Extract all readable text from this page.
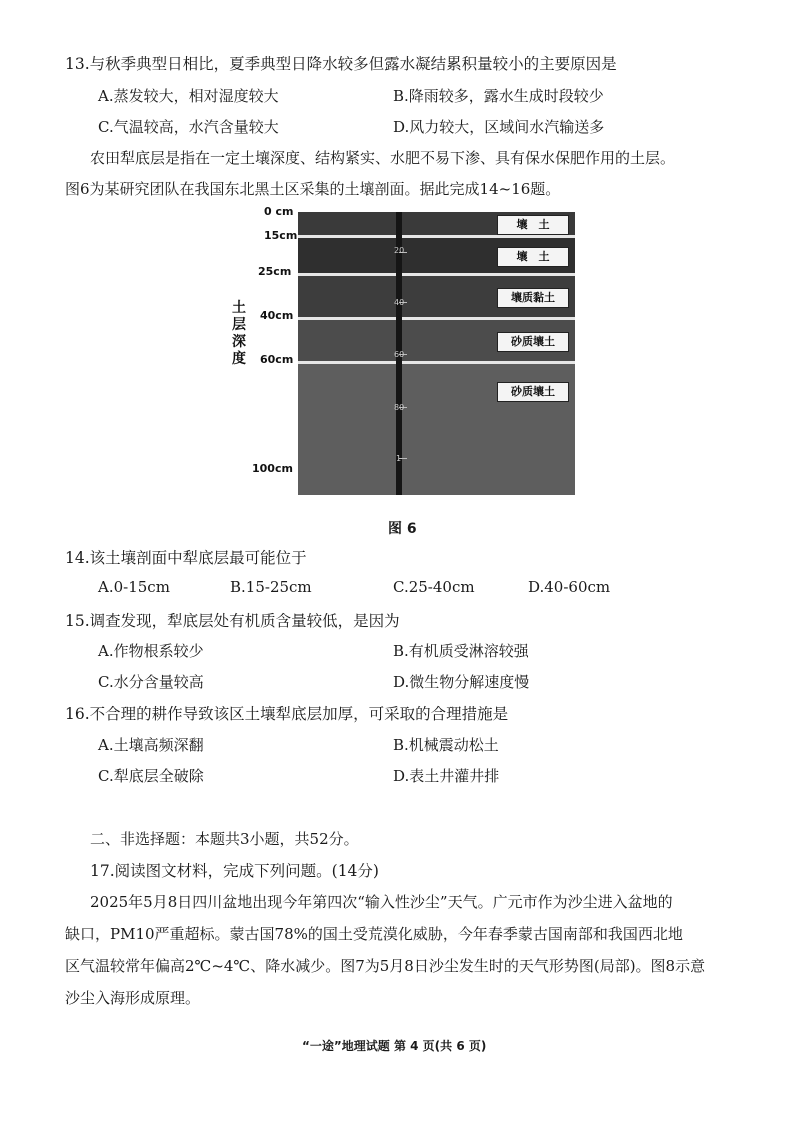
13.与秋季典型日相比，夏季典型日降水较多但露水凝结累积量较小的主要原因是
A.蒸发较大，相对湿度较大	B.降雨较多，露水生成时段较少
C.气温较高，水汽含量较大	D.风力较大，区域间水汽输送多
农田犁底层是指在一定土壤深度、结构紧实、水肥不易下渗、具有保水保肥作用的土层。
图6为某研究团队在我国东北黑土区采集的土壤剖面。据此完成14~16题。
土层深度
0 cm
15cm
25cm
40cm
60cm
100cm
20
40
60
80
1
壤　土
壤　土
壤质黏土
砂质壤土
砂质壤土
图 6
14.该土壤剖面中犁底层最可能位于
A.0-15cm	B.15-25cm	C.25-40cm	D.40-60cm
15.调查发现，犁底层处有机质含量较低，是因为
A.作物根系较少	B.有机质受淋溶较强
C.水分含量较高	D.微生物分解速度慢
16.不合理的耕作导致该区土壤犁底层加厚，可采取的合理措施是
A.土壤高频深翻	B.机械震动松土
C.犁底层全破除	D.表土井灌井排
二、非选择题：本题共3小题，共52分。
17.阅读图文材料，完成下列问题。(14分)
2025年5月8日四川盆地出现今年第四次“输入性沙尘”天气。广元市作为沙尘进入盆地的
缺口，PM10严重超标。蒙古国78%的国土受荒漠化威胁，今年春季蒙古国南部和我国西北地
区气温较常年偏高2℃~4℃、降水减少。图7为5月8日沙尘发生时的天气形势图(局部)。图8示意
沙尘入海形成原理。
“一途”地理试题 第 4 页(共 6 页)
